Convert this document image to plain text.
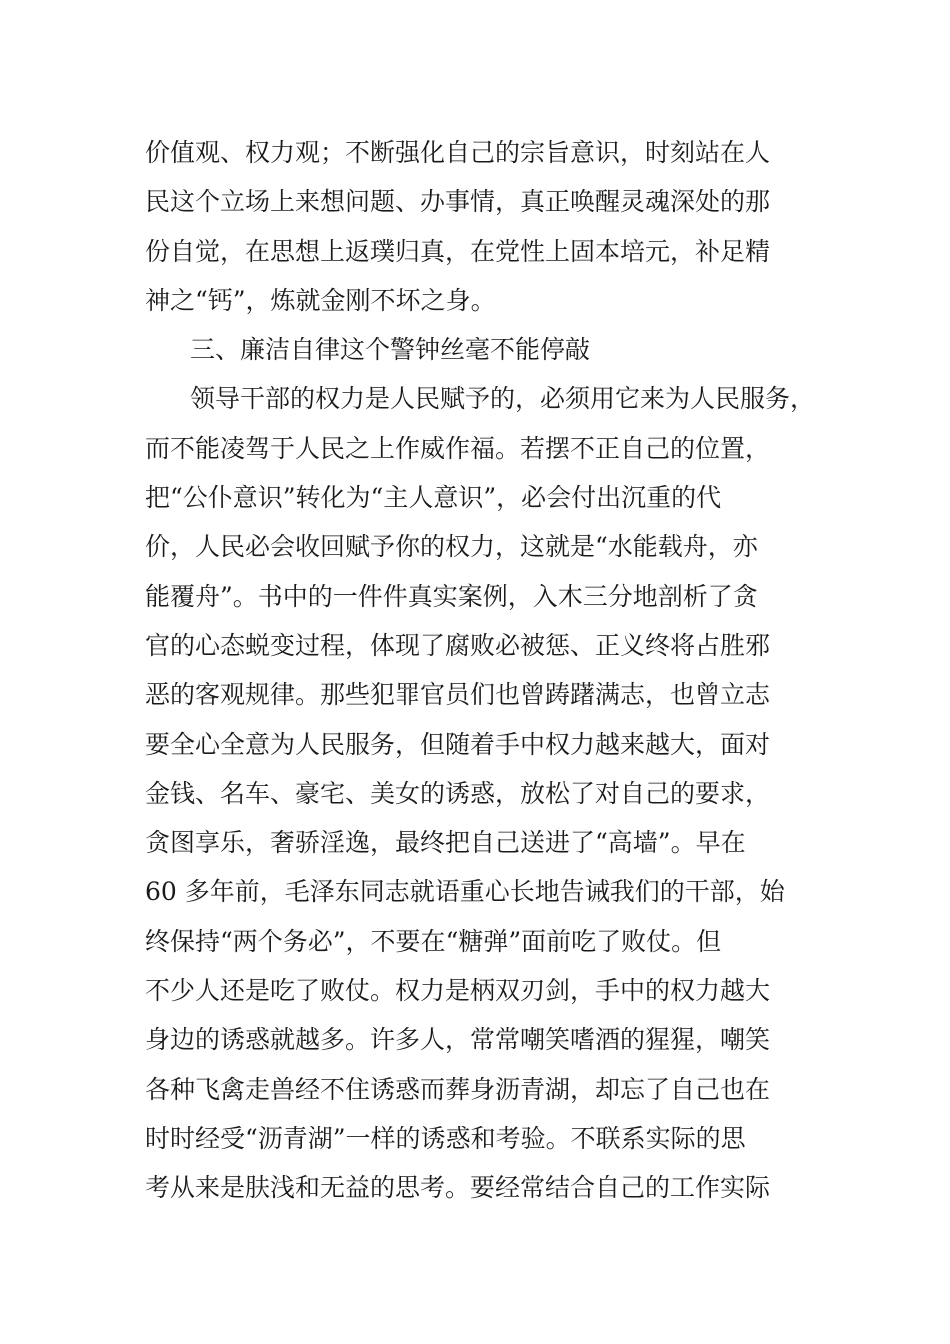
价值观、权力观；不断强化自己的宗旨意识，时刻站在人
民这个立场上来想问题、办事情，真正唤醒灵魂深处的那
份自觉，在思想上返璞归真，在党性上固本培元，补足精
神之“钙”，炼就金刚不坏之身。
三、廉洁自律这个警钟丝毫不能停敲
领导干部的权力是人民赋予的，必须用它来为人民服务，
而不能凌驾于人民之上作威作福。若摆不正自己的位置，
把“公仆意识”转化为“主人意识”，必会付出沉重的代
价，人民必会收回赋予你的权力，这就是“水能载舟，亦
能覆舟”。书中的一件件真实案例，入木三分地剖析了贪
官的心态蜕变过程，体现了腐败必被惩、正义终将占胜邪
恶的客观规律。那些犯罪官员们也曾踌躇满志，也曾立志
要全心全意为人民服务，但随着手中权力越来越大，面对
金钱、名车、豪宅、美女的诱惑，放松了对自己的要求，
贪图享乐，奢骄淫逸，最终把自己送进了“高墙”。早在
60 多年前，毛泽东同志就语重心长地告诫我们的干部，始
终保持“两个务必”，不要在“糖弹”面前吃了败仗。但
不少人还是吃了败仗。权力是柄双刃剑，手中的权力越大
身边的诱惑就越多。许多人，常常嘲笑嗜酒的猩猩，嘲笑
各种飞禽走兽经不住诱惑而葬身沥青湖，却忘了自己也在
时时经受“沥青湖”一样的诱惑和考验。不联系实际的思
考从来是肤浅和无益的思考。要经常结合自己的工作实际
